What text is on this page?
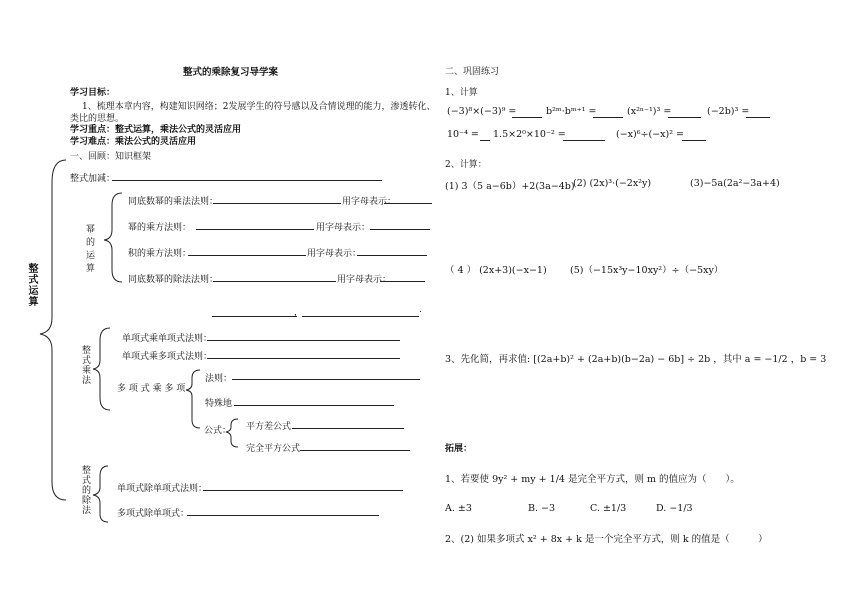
整式的乘除复习导学案
学习目标：
1、梳理本章内容，构建知识网络；2发展学生的符号感以及合情说理的能力，渗透转化、
类比的思想。
学习重点：整式运算，乘法公式的灵活应用
学习难点：乘法公式的灵活应用
一、回顾：知识框架
整式运算
整式加减：
幂的运算
同底数幂的乘法法则：	用字母表示：
幂的乘方法则：	用字母表示：
积的乘方法则：	用字母表示：
同底数幂的除法法则：	用字母表示：
，	.
整式乘法
单项式乘单项式法则：
单项式乘多项式法则：
多 项 式 乘 多 项
法则：
特殊地
公式： 平方差公式
完全平方公式
整式的除法	单项式除单项式法则：
多项式除单项式：
二、巩固练习
1、计算
(−3)⁸×(−3)⁹ =	b²ᵐ·bᵐ⁺¹ =	(x²ⁿ⁻¹)³ =	(−2b)³ =
10⁻⁴ = 1.5×2⁰×10⁻² =	(−x)⁶÷(−x)² =
2、计算：
(1) 3（5 a−6b）+2(3a−4b)
(2) (2x)³·(−2x²y)	(3)−5a(2a²−3a+4)
（ 4 ） (2x+3)(−x−1) (5)（−15x³y−10xy²）÷（−5xy）
3、先化简，再求值: [(2a+b)² + (2a+b)(b−2a) − 6b] ÷ 2b ，其中 a = −1/2 ，b = 3
拓展：
1、若要使 9y² + my + 1/4 是完全平方式，则 m 的值应为（　　）。
A. ±3	B. −3	C. ±1/3	D. −1/3
2、(2) 如果多项式 x² + 8x + k 是一个完全平方式，则 k 的值是（　　　）
